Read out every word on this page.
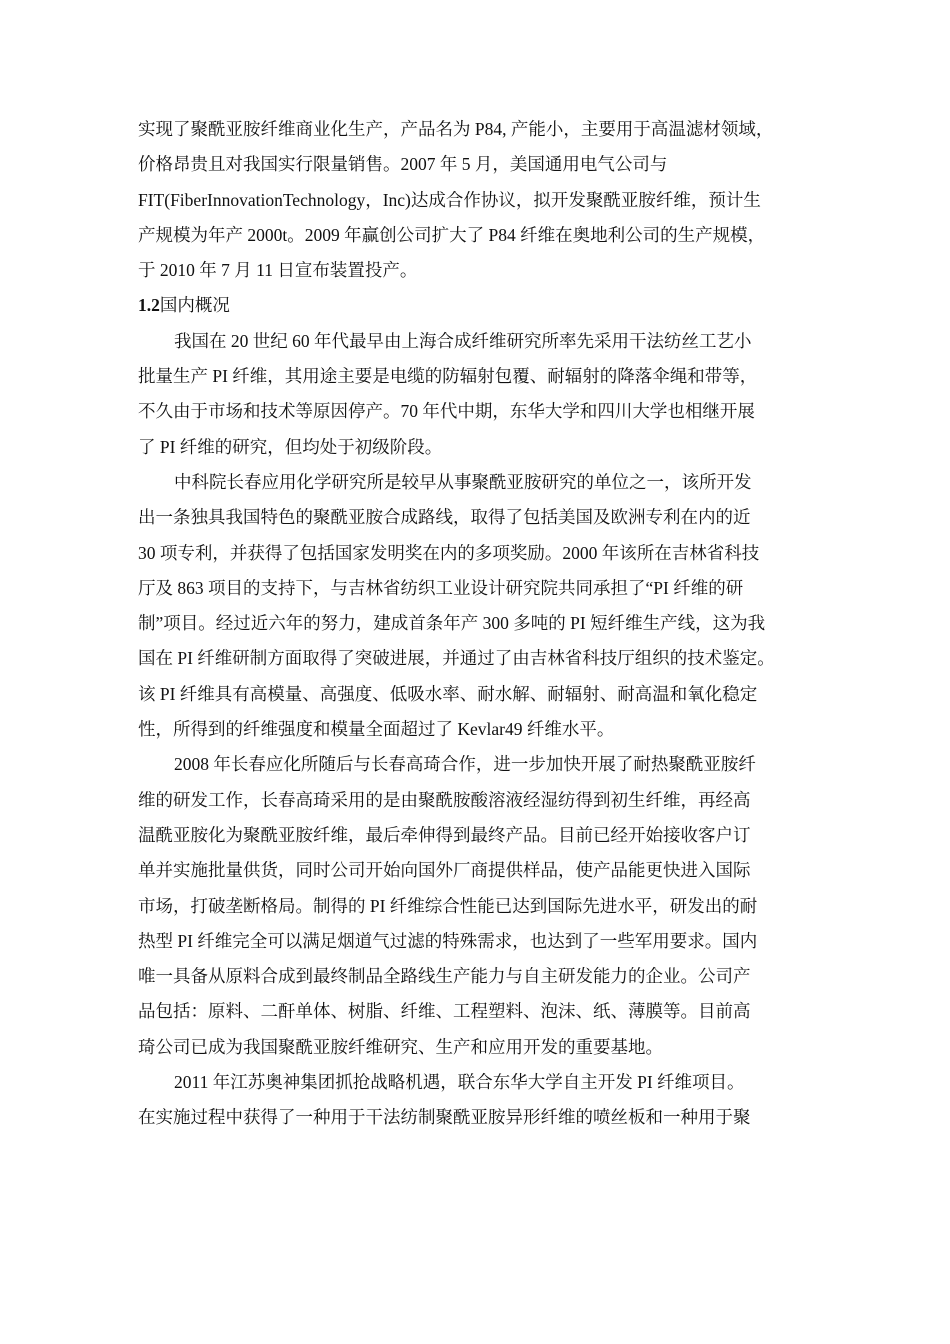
实现了聚酰亚胺纤维商业化生产，产品名为 P84, 产能小，主要用于高温滤材领域，
价格昂贵且对我国实行限量销售。2007 年 5 月，美国通用电气公司与
FIT(FiberInnovationTechnology，Inc)达成合作协议，拟开发聚酰亚胺纤维，预计生
产规模为年产 2000t。2009 年赢创公司扩大了 P84 纤维在奥地利公司的生产规模，
于 2010 年 7 月 11 日宣布装置投产。
1.2国内概况
我国在 20 世纪 60 年代最早由上海合成纤维研究所率先采用干法纺丝工艺小
批量生产 PI 纤维，其用途主要是电缆的防辐射包覆、耐辐射的降落伞绳和带等，
不久由于市场和技术等原因停产。70 年代中期，东华大学和四川大学也相继开展
了 PI 纤维的研究，但均处于初级阶段。
中科院长春应用化学研究所是较早从事聚酰亚胺研究的单位之一，该所开发
出一条独具我国特色的聚酰亚胺合成路线，取得了包括美国及欧洲专利在内的近
30 项专利，并获得了包括国家发明奖在内的多项奖励。2000 年该所在吉林省科技
厅及 863 项目的支持下，与吉林省纺织工业设计研究院共同承担了“PI 纤维的研
制”项目。经过近六年的努力，建成首条年产 300 多吨的 PI 短纤维生产线，这为我
国在 PI 纤维研制方面取得了突破进展，并通过了由吉林省科技厅组织的技术鉴定。
该 PI 纤维具有高模量、高强度、低吸水率、耐水解、耐辐射、耐高温和氧化稳定
性，所得到的纤维强度和模量全面超过了 Kevlar49 纤维水平。
2008 年长春应化所随后与长春高琦合作，进一步加快开展了耐热聚酰亚胺纤
维的研发工作，长春高琦采用的是由聚酰胺酸溶液经湿纺得到初生纤维，再经高
温酰亚胺化为聚酰亚胺纤维，最后牵伸得到最终产品。目前已经开始接收客户订
单并实施批量供货，同时公司开始向国外厂商提供样品，使产品能更快进入国际
市场，打破垄断格局。制得的 PI 纤维综合性能已达到国际先进水平，研发出的耐
热型 PI 纤维完全可以满足烟道气过滤的特殊需求，也达到了一些军用要求。国内
唯一具备从原料合成到最终制品全路线生产能力与自主研发能力的企业。公司产
品包括：原料、二酐单体、树脂、纤维、工程塑料、泡沫、纸、薄膜等。目前高
琦公司已成为我国聚酰亚胺纤维研究、生产和应用开发的重要基地。
2011 年江苏奥神集团抓抢战略机遇，联合东华大学自主开发 PI 纤维项目。
在实施过程中获得了一种用于干法纺制聚酰亚胺异形纤维的喷丝板和一种用于聚
